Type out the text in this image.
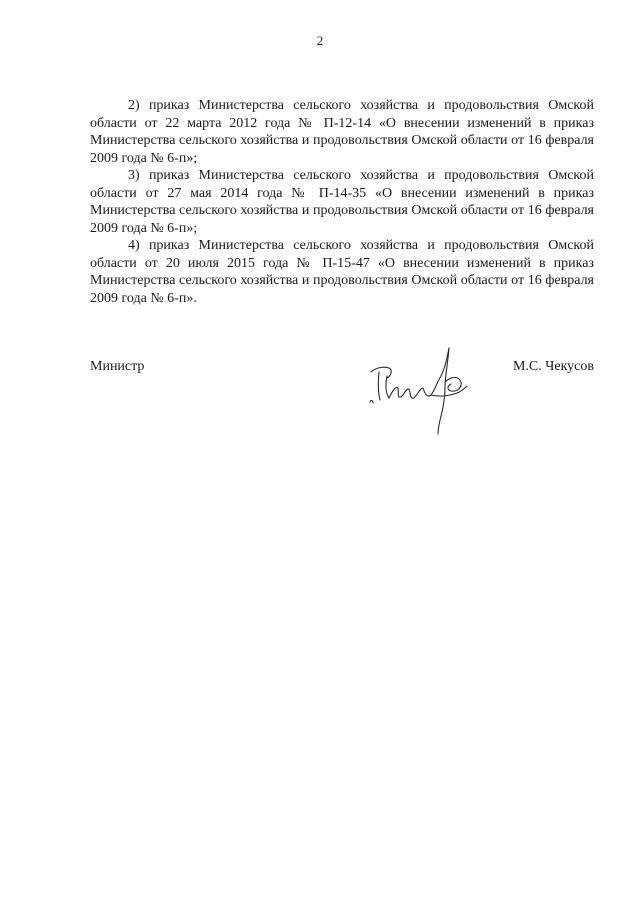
2

2) приказ Министерства сельского хозяйства и продовольствия Омской области от 22 марта 2012 года № П-12-14 «О внесении изменений в приказ Министерства сельского хозяйства и продовольствия Омской области от 16 февраля 2009 года № 6-п»;

3) приказ Министерства сельского хозяйства и продовольствия Омской области от 27 мая 2014 года № П-14-35 «О внесении изменений в приказ Министерства сельского хозяйства и продовольствия Омской области от 16 февраля 2009 года № 6-п»;

4) приказ Министерства сельского хозяйства и продовольствия Омской области от 20 июля 2015 года № П-15-47 «О внесении изменений в приказ Министерства сельского хозяйства и продовольствия Омской области от 16 февраля 2009 года № 6-п».

Министр	М.С. Чекусов
